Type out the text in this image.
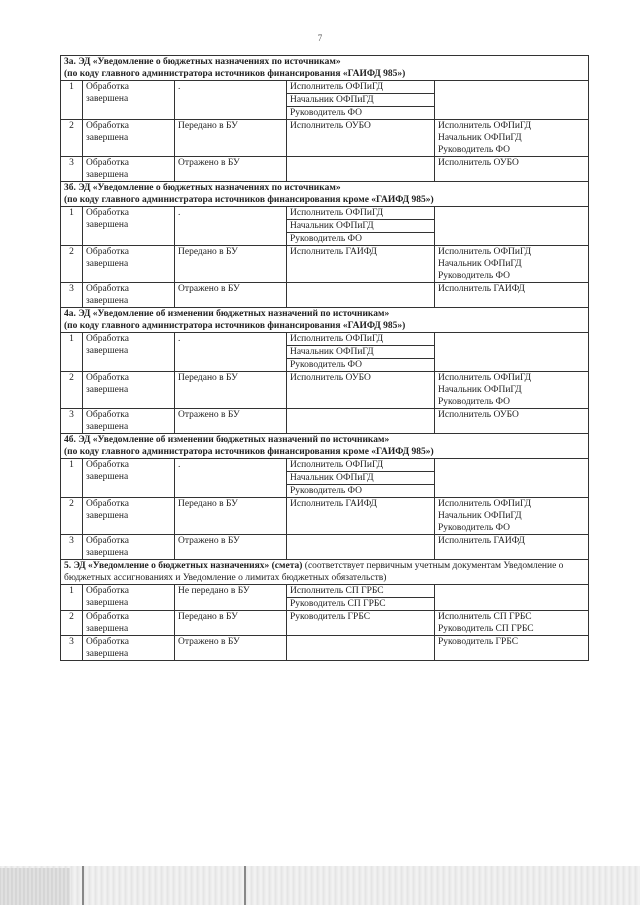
7
3а. ЭД «Уведомление о бюджетных назначениях по источникам»
(по коду главного администратора источников финансирования «ГАИФД 985»)				
1	Обработка завершена	.	Исполнитель ОФПиГД
Начальник ОФПиГД
Руководитель ФО	

2	Обработка завершена	Передано в БУ	Исполнитель ОУБО	Исполнитель ОФПиГД
Начальник ОФПиГД
Руководитель ФО

3	Обработка завершена	Отражено в БУ		Исполнитель ОУБО

3б. ЭД «Уведомление о бюджетных назначениях по источникам»
(по коду главного администратора источников финансирования кроме «ГАИФД 985»)				
1	Обработка завершена	.	Исполнитель ОФПиГД
Начальник ОФПиГД
Руководитель ФО	

2	Обработка завершена	Передано в БУ	Исполнитель ГАИФД	Исполнитель ОФПиГД
Начальник ОФПиГД
Руководитель ФО

3	Обработка завершена	Отражено в БУ		Исполнитель ГАИФД

4а. ЭД «Уведомление об изменении бюджетных назначений по источникам»
(по коду главного администратора источников финансирования «ГАИФД 985»)				
1	Обработка завершена	.	Исполнитель ОФПиГД
Начальник ОФПиГД
Руководитель ФО	

2	Обработка завершена	Передано в БУ	Исполнитель ОУБО	Исполнитель ОФПиГД
Начальник ОФПиГД
Руководитель ФО

3	Обработка завершена	Отражено в БУ		Исполнитель ОУБО

4б. ЭД «Уведомление об изменении бюджетных назначений по источникам»
(по коду главного администратора источников финансирования кроме «ГАИФД 985»)				
1	Обработка завершена	.	Исполнитель ОФПиГД
Начальник ОФПиГД
Руководитель ФО	

2	Обработка завершена	Передано в БУ	Исполнитель ГАИФД	Исполнитель ОФПиГД
Начальник ОФПиГД
Руководитель ФО

3	Обработка завершена	Отражено в БУ		Исполнитель ГАИФД

5. ЭД «Уведомление о бюджетных назначениях» (смета) (соответствует первичным учетным документам Уведомление о бюджетных ассигнованиях и Уведомление о лимитах бюджетных обязательств)				
1	Обработка завершена	Не передано в БУ	Исполнитель СП ГРБС
Руководитель СП ГРБС	

2	Обработка завершена	Передано в БУ	Руководитель ГРБС	Исполнитель СП ГРБС
Руководитель СП ГРБС

3	Обработка завершена	Отражено в БУ		Руководитель ГРБС
